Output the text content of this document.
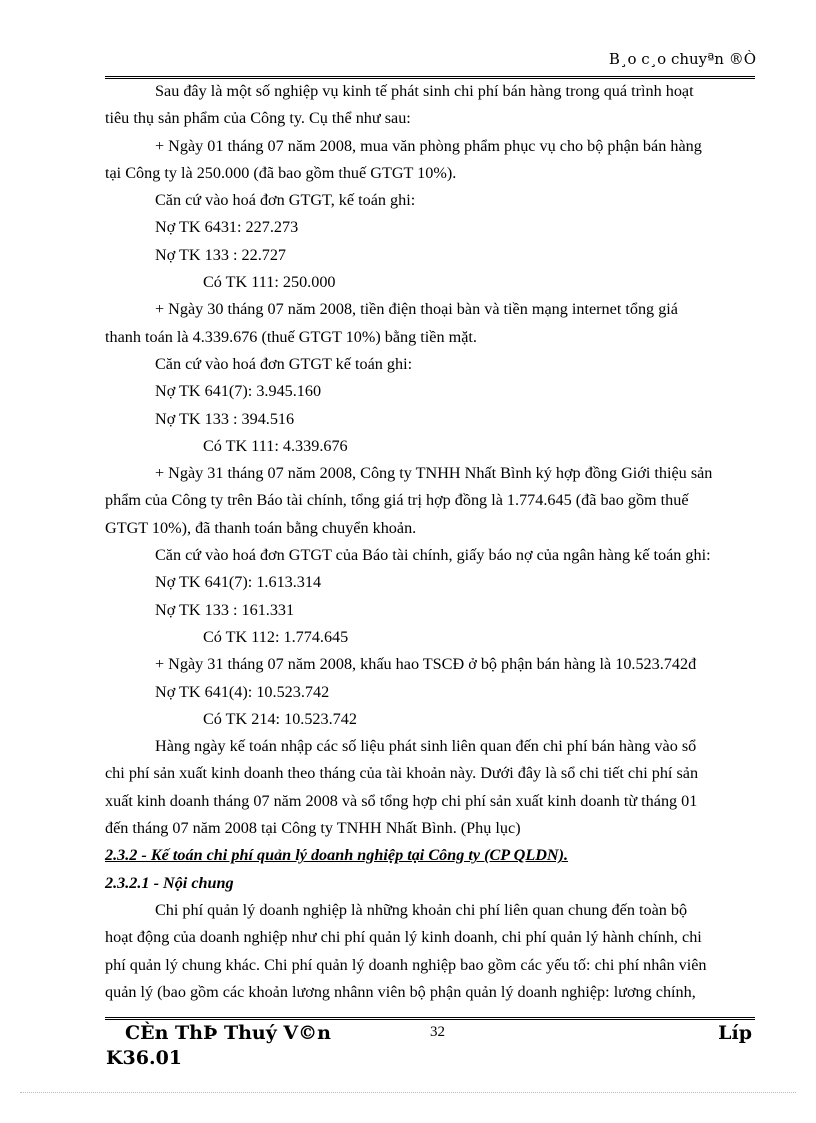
B¸o c¸o chuyªn ®Ò

Sau đây là một số nghiệp vụ kinh tế phát sinh chi phí bán hàng trong quá trình hoạt

tiêu thụ sản phẩm của Công ty. Cụ thể như sau:

+ Ngày 01 tháng 07 năm 2008, mua văn phòng phẩm phục vụ cho bộ phận bán hàng

tại Công ty là 250.000 (đã bao gồm thuế GTGT 10%).

Căn cứ vào hoá đơn GTGT, kế toán ghi:

Nợ TK 6431: 227.273

Nợ TK 133 : 22.727

Có TK 111: 250.000

+ Ngày 30 tháng 07 năm 2008, tiền điện thoại bàn và tiền mạng internet tổng giá

thanh toán là 4.339.676 (thuế GTGT 10%) bằng tiền mặt.

Căn cứ vào hoá đơn GTGT kế toán ghi:

Nợ TK 641(7): 3.945.160

Nợ TK 133 : 394.516

Có TK 111: 4.339.676

+ Ngày 31 tháng 07 năm 2008, Công ty TNHH Nhất Bình ký hợp đồng Giới thiệu sản

phẩm của Công ty trên Báo tài chính, tổng giá trị hợp đồng là 1.774.645 (đã bao gồm thuế

GTGT 10%), đã thanh toán bằng chuyển khoản.

Căn cứ vào hoá đơn GTGT của Báo tài chính, giấy báo nợ của ngân hàng kế toán ghi:

Nợ TK 641(7): 1.613.314

Nợ TK 133 : 161.331

Có TK 112: 1.774.645

+ Ngày 31 tháng 07 năm 2008, khấu hao TSCĐ ở bộ phận bán hàng là 10.523.742đ

Nợ TK 641(4): 10.523.742

Có TK 214: 10.523.742

Hàng ngày kế toán nhập các số liệu phát sinh liên quan đến chi phí bán hàng vào sổ

chi phí sản xuất kinh doanh theo tháng của tài khoản này. Dưới đây là sổ chi tiết chi phí sản

xuất kinh doanh tháng 07 năm 2008 và sổ tổng hợp chi phí sản xuất kinh doanh từ tháng 01

đến tháng 07 năm 2008 tại Công ty TNHH Nhất Bình. (Phụ lục)

2.3.2 - Kế toán chi phí quản lý doanh nghiệp tại Công ty (CP QLDN).

2.3.2.1 - Nội chung

Chi phí quản lý doanh nghiệp là những khoản chi phí liên quan chung đến toàn bộ

hoạt động của doanh nghiệp như chi phí quản lý kinh doanh, chi phí quản lý hành chính, chi

phí quản lý chung khác. Chi phí quản lý doanh nghiệp bao gồm các yếu tố: chi phí nhân viên

quản lý (bao gồm các khoản lương nhânn viên bộ phận quản lý doanh nghiệp: lương chính,

CÈn ThÞ Thuý V©n	32	Líp
K36.01
